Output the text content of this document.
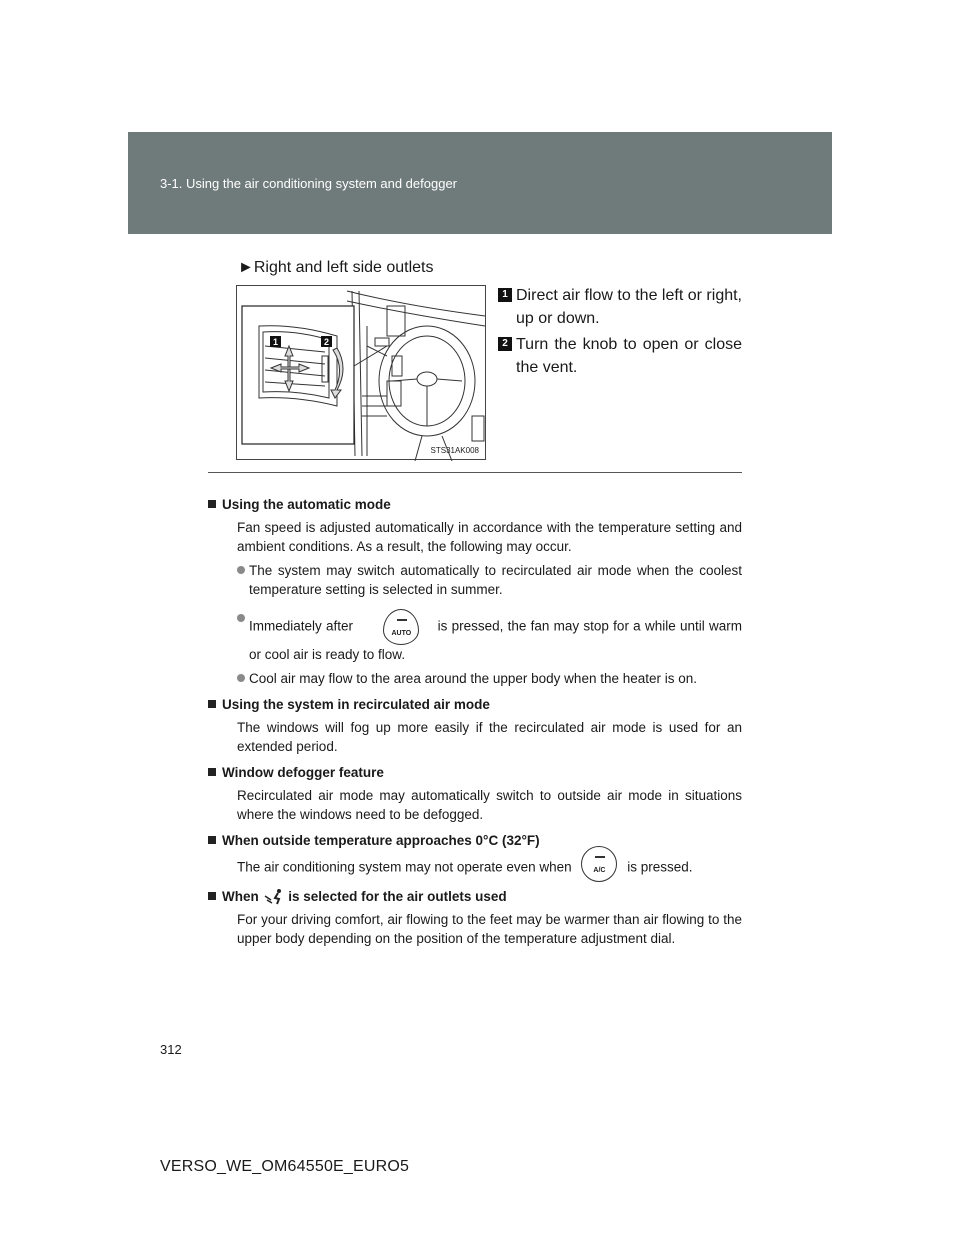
3-1. Using the air conditioning system and defogger
►Right and left side outlets
1	2
STS31AK008
1 Direct air flow to the left or right, up or down.
2 Turn the knob to open or close the vent.
Using the automatic mode
Fan speed is adjusted automatically in accordance with the temperature setting and ambient conditions. As a result, the following may occur.
The system may switch automatically to recirculated air mode when the coolest temperature setting is selected in summer.
Immediately after	AUTO	is pressed, the fan may stop for a while until warm or cool air is ready to flow.
Cool air may flow to the area around the upper body when the heater is on.
Using the system in recirculated air mode
The windows will fog up more easily if the recirculated air mode is used for an extended period.
Window defogger feature
Recirculated air mode may automatically switch to outside air mode in situations where the windows need to be defogged.
When outside temperature approaches 0°C (32°F)
The air conditioning system may not operate even when	A/C	is pressed.
When is selected for the air outlets used
For your driving comfort, air flowing to the feet may be warmer than air flowing to the upper body depending on the position of the temperature adjustment dial.
312
VERSO_WE_OM64550E_EURO5
